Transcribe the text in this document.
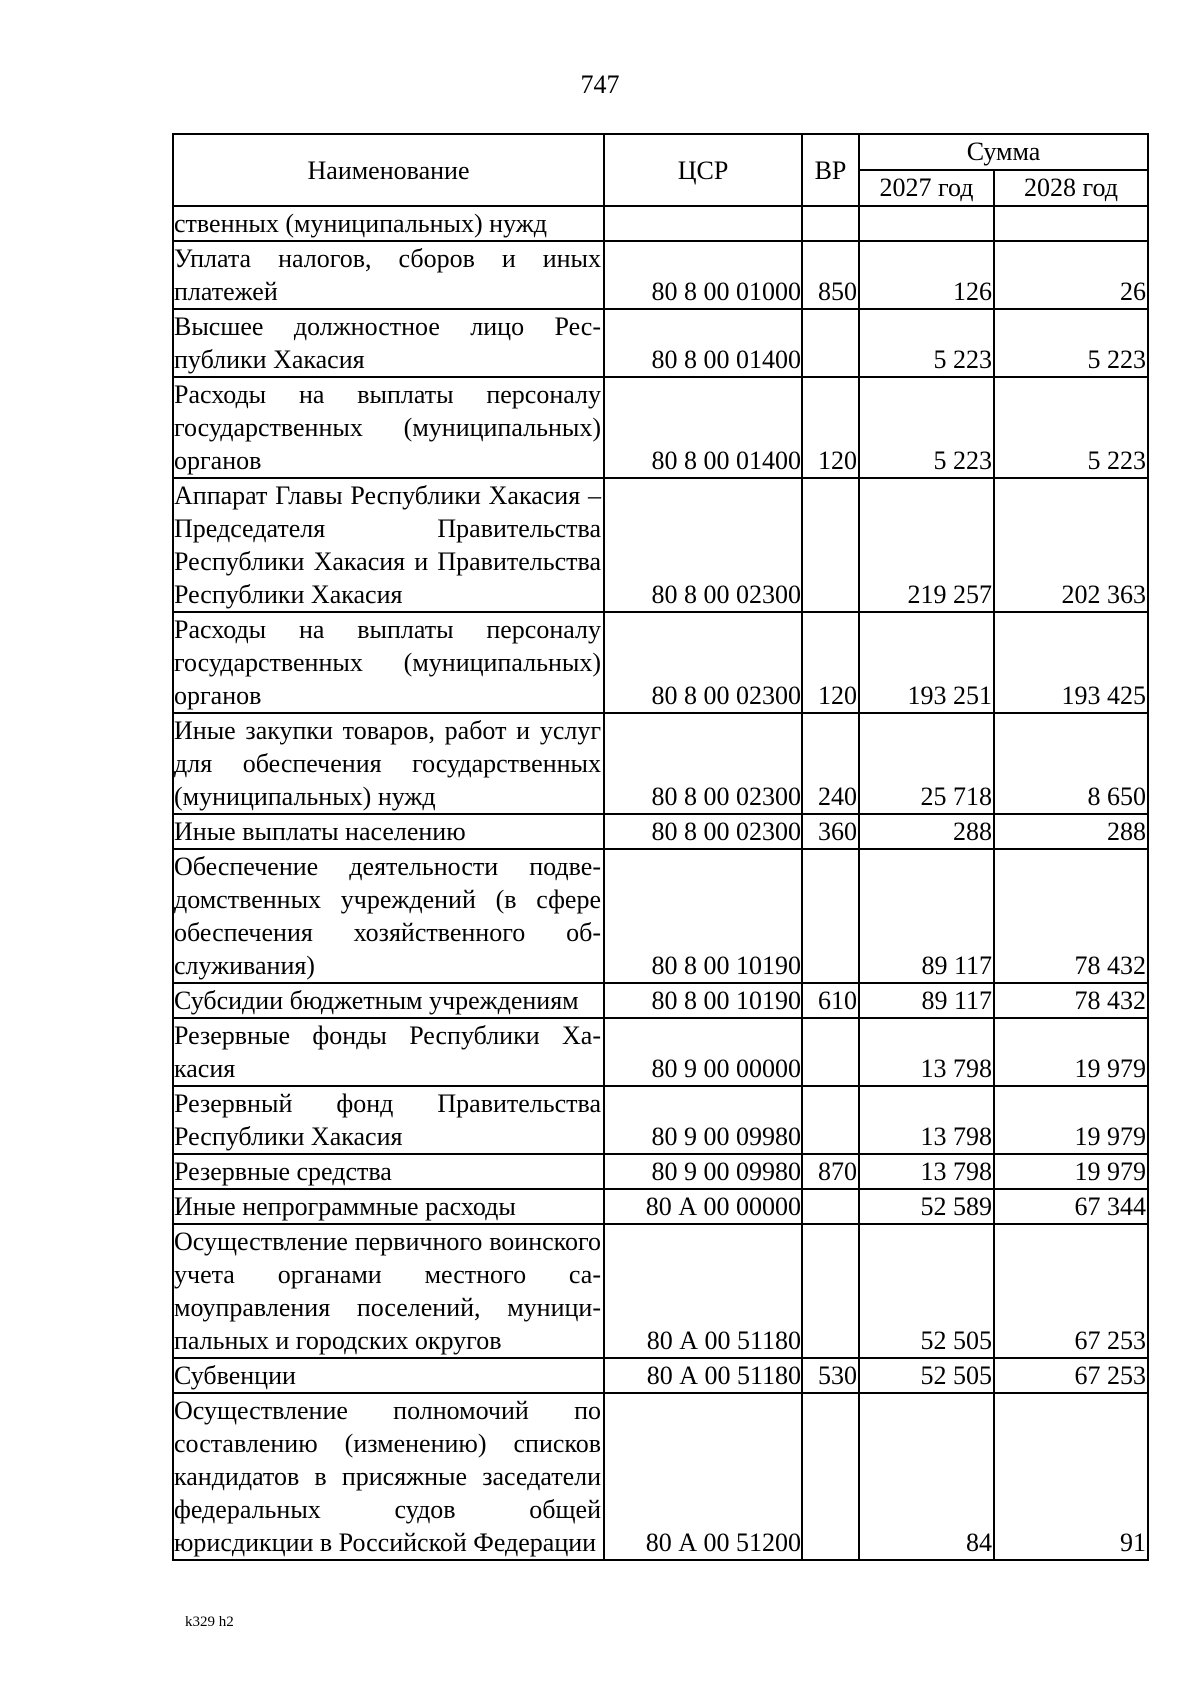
747
Наименование	ЦСР	ВР	Сумма	
			2027 год	2028 год
ственных (муниципальных) нужд				
Уплата налогов, сборов и иных платежей	80 8 00 01000	850	126	26
Высшее должностное лицо Республики Хакасия	80 8 00 01400		5 223	5 223
Расходы на выплаты персоналу государственных (муниципальных) органов	80 8 00 01400	120	5 223	5 223
Аппарат Главы Республики Хакасия – Председателя Правительства Республики Хакасия и Правительства Республики Хакасия	80 8 00 02300		219 257	202 363
Расходы на выплаты персоналу государственных (муниципальных) органов	80 8 00 02300	120	193 251	193 425
Иные закупки товаров, работ и услуг для обеспечения государственных (муниципальных) нужд	80 8 00 02300	240	25 718	8 650
Иные выплаты населению	80 8 00 02300	360	288	288
Обеспечение деятельности подведомственных учреждений (в сфере обеспечения хозяйственного обслуживания)	80 8 00 10190		89 117	78 432
Субсидии бюджетным учреждениям	80 8 00 10190	610	89 117	78 432
Резервные фонды Республики Хакасия	80 9 00 00000		13 798	19 979
Резервный фонд Правительства Республики Хакасия	80 9 00 09980		13 798	19 979
Резервные средства	80 9 00 09980	870	13 798	19 979
Иные непрограммные расходы	80 А 00 00000		52 589	67 344
Осуществление первичного воинского учета органами местного самоуправления поселений, муниципальных и городских округов	80 А 00 51180		52 505	67 253
Субвенции	80 А 00 51180	530	52 505	67 253
Осуществление полномочий по составлению (изменению) списков кандидатов в присяжные заседатели федеральных судов общей юрисдикции в Российской Федерации	80 А 00 51200		84	91
k329 h2
